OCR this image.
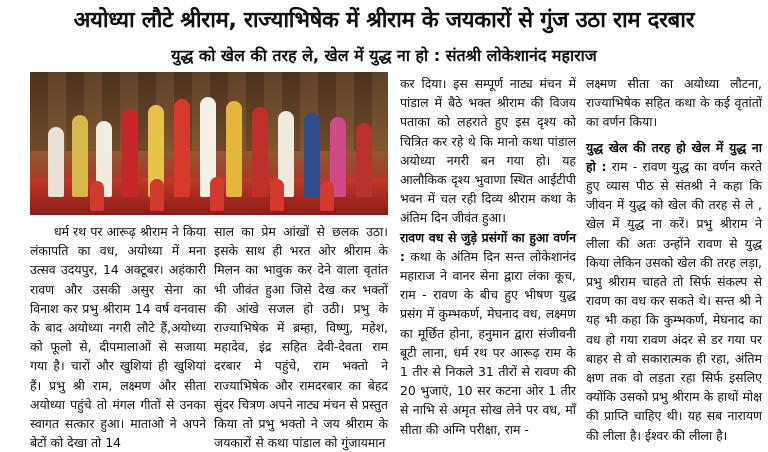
अयोध्या लौटे श्रीराम, राज्याभिषेक में श्रीराम के जयकारों से गुंज उठा राम दरबार
युद्ध को खेल की तरह ले, खेल में युद्ध ना हो : संतश्री लोकेशानंद महाराज

धर्म रथ पर आरूढ़ श्रीराम ने किया लंकापति का वध, अयोध्या में मना उत्सव उदयपुर, 14 अक्टूबर। अहंकारी रावण और उसकी असुर सेना का विनाश कर प्रभु श्रीराम 14 वर्ष वनवास के बाद अयोध्या नगरी लौटे हैं,अयोध्या को फूलो से, दीपमालाओं से सजाया गया है। चारों और खुशियां ही खुशियां हैं। प्रभु श्री राम, लक्ष्मण और सीता अयोध्या पहुंचे तो मंगल गीतों से उनका स्वागत सत्कार हुआ। माताओ ने अपने बेटों को देखा तो 14

साल का प्रेम आंखों से छलक उठा। इसके साथ ही भरत ओर श्रीराम के मिलन का भावुक कर देने वाला वृतांत भी जीवंत हुआ जिसे देख कर भक्तों की आंखे सजल हो उठी। प्रभु के राज्याभिषेक में ब्रम्हा, विष्णु, महेश, महादेव, इंद्र सहित देवी-देवता राम दरबार मे पहुंचे, राम भक्तो ने राज्याभिषेक और रामदरबार का बेहद सुंदर चित्रण अपने नाट्य मंचन से प्रस्तुत किया तो प्रभु भक्तो ने जय श्रीराम के जयकारों से कथा पांडाल को गुंजायमान

कर दिया। इस सम्पूर्ण नाट्य मंचन में पांडाल में बैठे भक्त श्रीराम की विजय पताका को लहराते हुए इस दृश्य को चित्रित कर रहे थे कि मानो कथा पांडाल अयोध्या नगरी बन गया हो। यह आलौकिक दृश्य भुवाणा स्थित आईटीपी भवन में चल रही दिव्य श्रीराम कथा के अंतिम दिन जीवंत हुआ।

रावण वध से जुड़े प्रसंगों का हुआ वर्णन : कथा के अंतिम दिन सन्त लोकेशानंद महाराज ने वानर सेना द्वारा लंका कूच, राम - रावण के बीच हुए भीषण युद्ध प्रसंग में कुम्भकर्ण, मेघनाद वध, लक्ष्मण का मूर्छित होना, हनुमान द्वारा संजीवनी बूटी लाना, धर्म रथ पर आरूढ़ राम के 1 तीर से निकले 31 तीरों से रावण की 20 भुजाएं, 10 सर कटना ओर 1 तीर से नाभि से अमृत सोख लेने पर वध, माँ सीता की अग्नि परीक्षा, राम -

लक्ष्मण सीता का अयोध्या लौटना, राज्याभिषेक सहित कथा के कई वृतांतों का वर्णन किया।

युद्ध खेल की तरह हो खेल में युद्ध ना हो : राम - रावण युद्ध का वर्णन करते हुए व्यास पीठ से संतश्री ने कहा कि जीवन में युद्ध को खेल की तरह से ले , खेल में युद्ध ना करें। प्रभु श्रीराम ने लीला की अतः उन्होंने रावण से युद्ध किया लेकिन उसको खेल की तरह लड़ा, प्रभु श्रीराम चाहते तो सिर्फ संकल्प से रावण का वध कर सकते थे। सन्त श्री ने यह भी कहा कि कुम्भकर्ण, मेघनाद का वध हो गया रावण अंदर से डर गया पर बाहर से वो सकारात्मक ही रहा, अंतिम क्षण तक वो लड़ता रहा सिर्फ इसलिए क्योंकि उसको प्रभु श्रीराम के हाथों मोक्ष की प्राप्ति चाहिए थी। यह सब नारायण की लीला है। ईश्वर की लीला है।
